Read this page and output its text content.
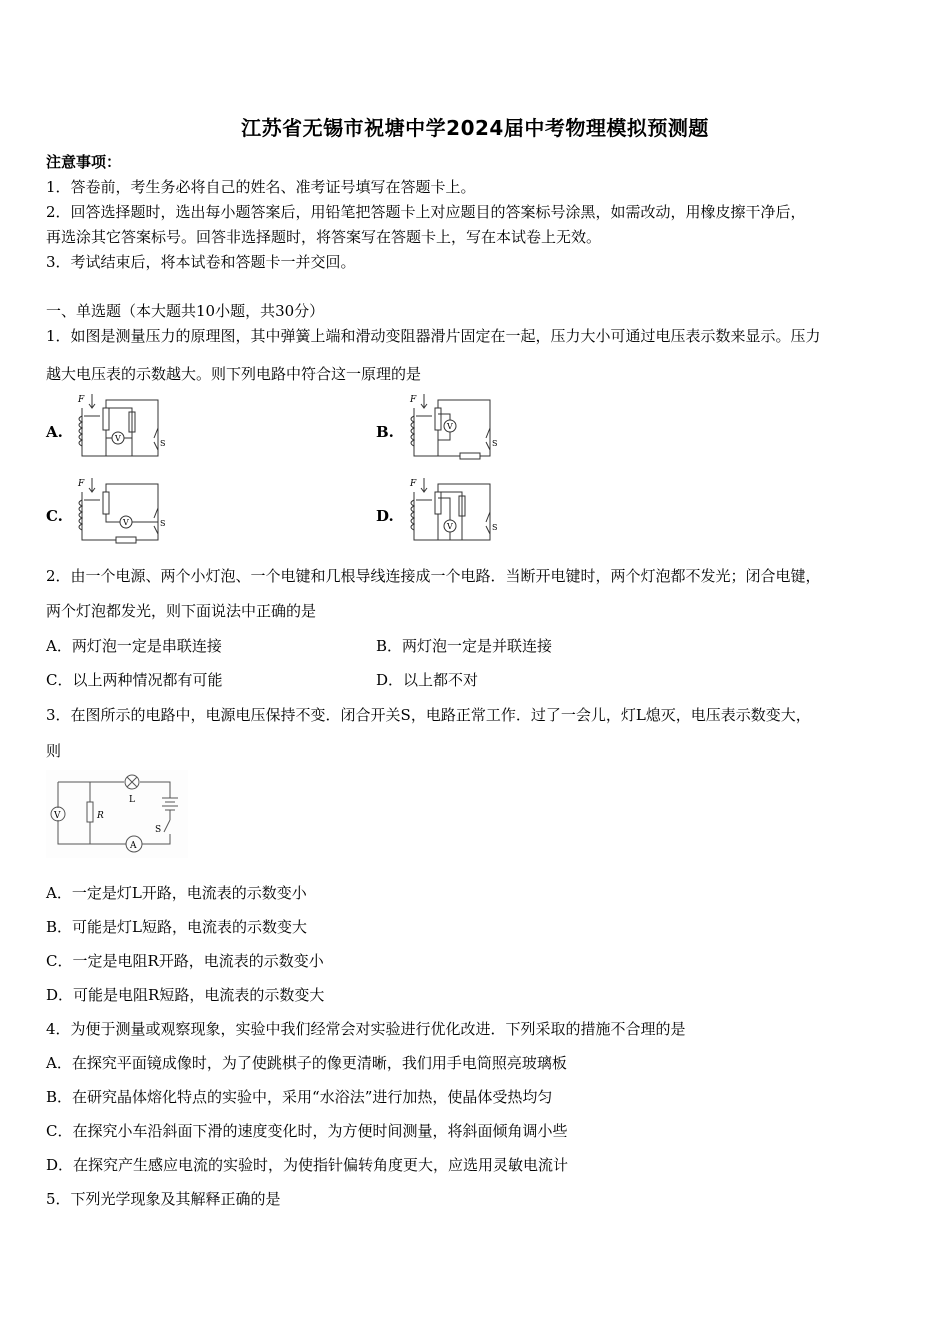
江苏省无锡市祝塘中学2024届中考物理模拟预测题
注意事项：
1．答卷前，考生务必将自己的姓名、准考证号填写在答题卡上。
2．回答选择题时，选出每小题答案后，用铅笔把答题卡上对应题目的答案标号涂黑，如需改动，用橡皮擦干净后，
再选涂其它答案标号。回答非选择题时，将答案写在答题卡上，写在本试卷上无效。
3．考试结束后，将本试卷和答题卡一并交回。
一、单选题（本大题共10小题，共30分）
1．如图是测量压力的原理图，其中弹簧上端和滑动变阻器滑片固定在一起，压力大小可通过电压表示数来显示。压力
越大电压表的示数越大。则下列电路中符合这一原理的是
A.	B.
C.	D.
F
V
S
F
V
S
F
V	S
F
V	S
2．由一个电源、两个小灯泡、一个电键和几根导线连接成一个电路．当断开电键时，两个灯泡都不发光；闭合电键，
两个灯泡都发光，则下面说法中正确的是
A．两灯泡一定是串联连接	B．两灯泡一定是并联连接
C．以上两种情况都有可能	D．以上都不对
3．在图所示的电路中，电源电压保持不变．闭合开关S，电路正常工作．过了一会儿，灯L熄灭，电压表示数变大，
则
V	R
L
S
A
A．一定是灯L开路，电流表的示数变小
B．可能是灯L短路，电流表的示数变大
C．一定是电阻R开路，电流表的示数变小
D．可能是电阻R短路，电流表的示数变大
4．为便于测量或观察现象，实验中我们经常会对实验进行优化改进．下列采取的措施不合理的是
A．在探究平面镜成像时，为了使跳棋子的像更清晰，我们用手电筒照亮玻璃板
B．在研究晶体熔化特点的实验中，采用“水浴法”进行加热，使晶体受热均匀
C．在探究小车沿斜面下滑的速度变化时，为方便时间测量，将斜面倾角调小些
D．在探究产生感应电流的实验时，为使指针偏转角度更大，应选用灵敏电流计
5．下列光学现象及其解释正确的是
